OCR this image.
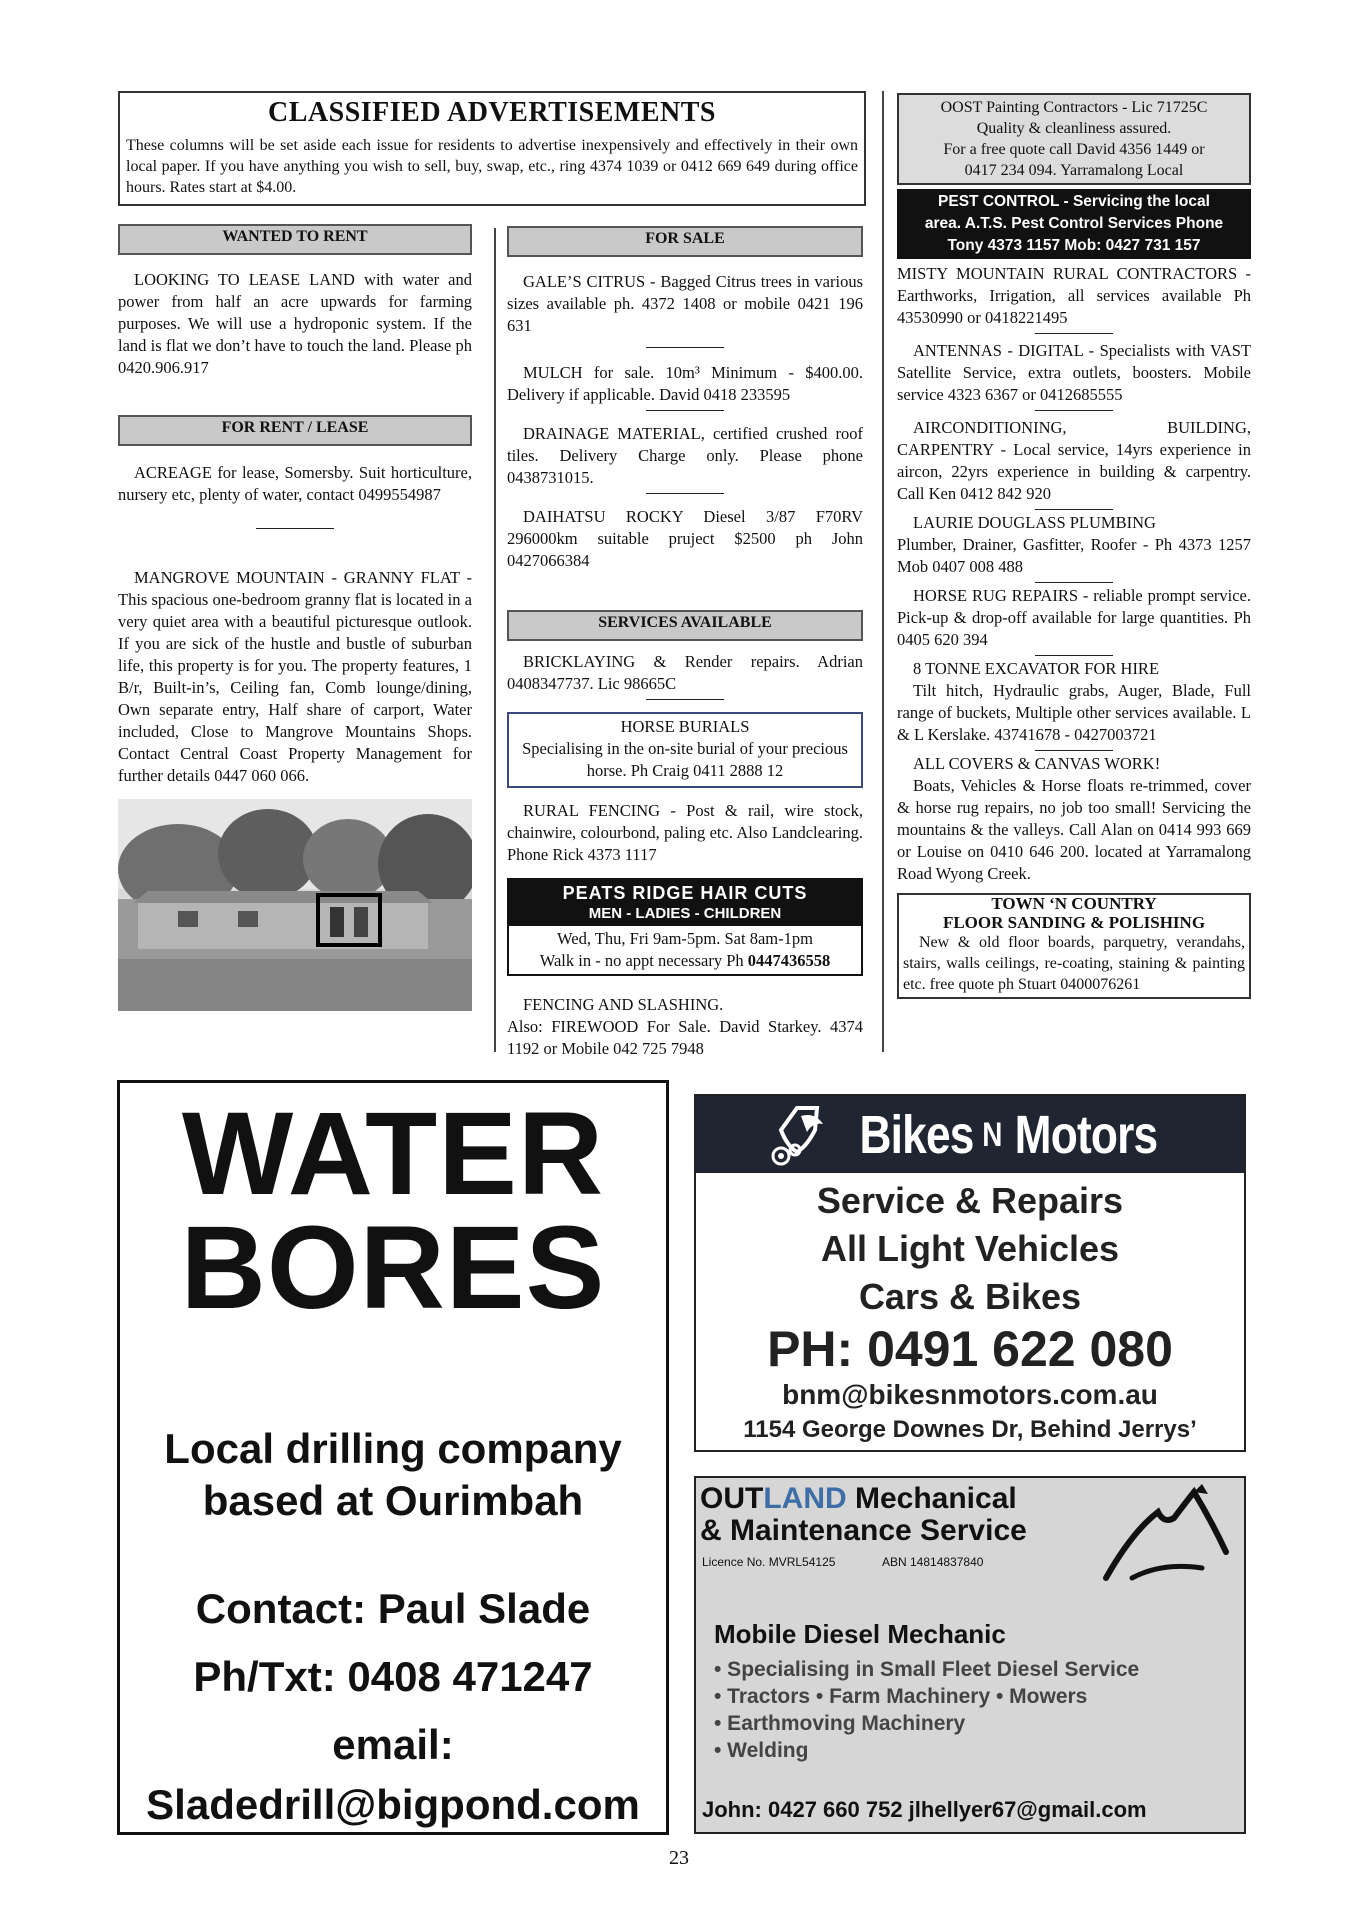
CLASSIFIED ADVERTISEMENTS

These columns will be set aside each issue for residents to advertise inexpensively and effectively in their own local paper. If you have anything you wish to sell, buy, swap, etc., ring 4374 1039 or 0412 669 649 during office hours. Rates start at $4.00.

WANTED TO RENT

LOOKING TO LEASE LAND with water and power from half an acre upwards for farming purposes. We will use a hydroponic system. If the land is flat we don’t have to touch the land. Please ph 0420.906.917

FOR RENT / LEASE

ACREAGE for lease, Somersby. Suit horticulture, nursery etc, plenty of water, contact 0499554987

MANGROVE MOUNTAIN - GRANNY FLAT - This spacious one-bedroom granny flat is located in a very quiet area with a beautiful picturesque outlook. If you are sick of the hustle and bustle of suburban life, this property is for you. The property features, 1 B/r, Built-in’s, Ceiling fan, Comb lounge/dining, Own separate entry, Half share of carport, Water included, Close to Mangrove Mountains Shops. Contact Central Coast Property Management for further details 0447 060 066.

FOR SALE

GALE’S CITRUS - Bagged Citrus trees in various sizes available ph. 4372 1408 or mobile 0421 196 631

MULCH for sale. 10m³ Minimum - $400.00. Delivery if applicable. David 0418 233595

DRAINAGE MATERIAL, certified crushed roof tiles. Delivery Charge only. Please phone 0438731015.

DAIHATSU ROCKY Diesel 3/87 F70RV 296000km suitable pruject $2500 ph John 0427066384

SERVICES AVAILABLE

BRICKLAYING & Render repairs. Adrian 0408347737. Lic 98665C

HORSE BURIALS

Specialising in the on-site burial of your precious horse. Ph Craig 0411 2888 12

RURAL FENCING - Post & rail, wire stock, chainwire, colourbond, paling etc. Also Landclearing. Phone Rick 4373 1117

PEATS RIDGE HAIR CUTS
MEN - LADIES - CHILDREN
Wed, Thu, Fri 9am-5pm. Sat 8am-1pm
Walk in - no appt necessary Ph 0447436558

FENCING AND SLASHING.

Also: FIREWOOD For Sale. David Starkey. 4374 1192 or Mobile 042 725 7948

OOST Painting Contractors - Lic 71725C
Quality & cleanliness assured.
For a free quote call David 4356 1449 or
0417 234 094. Yarramalong Local
PEST CONTROL - Servicing the local
area. A.T.S. Pest Control Services Phone
Tony 4373 1157 Mob: 0427 731 157

MISTY MOUNTAIN RURAL CONTRACTORS - Earthworks, Irrigation, all services available Ph 43530990 or 0418221495

ANTENNAS - DIGITAL - Specialists with VAST Satellite Service, extra outlets, boosters. Mobile service 4323 6367 or 0412685555

AIRCONDITIONING, BUILDING, CARPENTRY - Local service, 14yrs experience in aircon, 22yrs experience in building & carpentry. Call Ken 0412 842 920

LAURIE DOUGLASS PLUMBING

Plumber, Drainer, Gasfitter, Roofer - Ph 4373 1257 Mob 0407 008 488

HORSE RUG REPAIRS - reliable prompt service. Pick-up & drop-off available for large quantities. Ph 0405 620 394

8 TONNE EXCAVATOR FOR HIRE

Tilt hitch, Hydraulic grabs, Auger, Blade, Full range of buckets, Multiple other services available. L & L Kerslake. 43741678 - 0427003721

ALL COVERS & CANVAS WORK!

Boats, Vehicles & Horse floats re-trimmed, cover & horse rug repairs, no job too small! Servicing the mountains & the valleys. Call Alan on 0414 993 669 or Louise on 0410 646 200. located at Yarramalong Road Wyong Creek.

TOWN ‘N COUNTRY
FLOOR SANDING & POLISHING

New & old floor boards, parquetry, verandahs, stairs, walls ceilings, re-coating, staining & painting etc. free quote ph Stuart 0400076261

WATER
BORES
Local drilling company
based at Ourimbah
Contact: Paul Slade
Ph/Txt: 0408 471247
email:
Sladedrill@bigpond.com
Bikes N Motors
Service & Repairs
All Light Vehicles
Cars & Bikes
PH: 0491 622 080
bnm@bikesnmotors.com.au
1154 George Downes Dr, Behind Jerrys’
OUTLAND Mechanical
& Maintenance Service
Licence No. MVRL54125	ABN 14814837840
Mobile Diesel Mechanic
• Specialising in Small Fleet Diesel Service
• Tractors • Farm Machinery • Mowers
• Earthmoving Machinery
• Welding
John: 0427 660 752 jlhellyer67@gmail.com
23
